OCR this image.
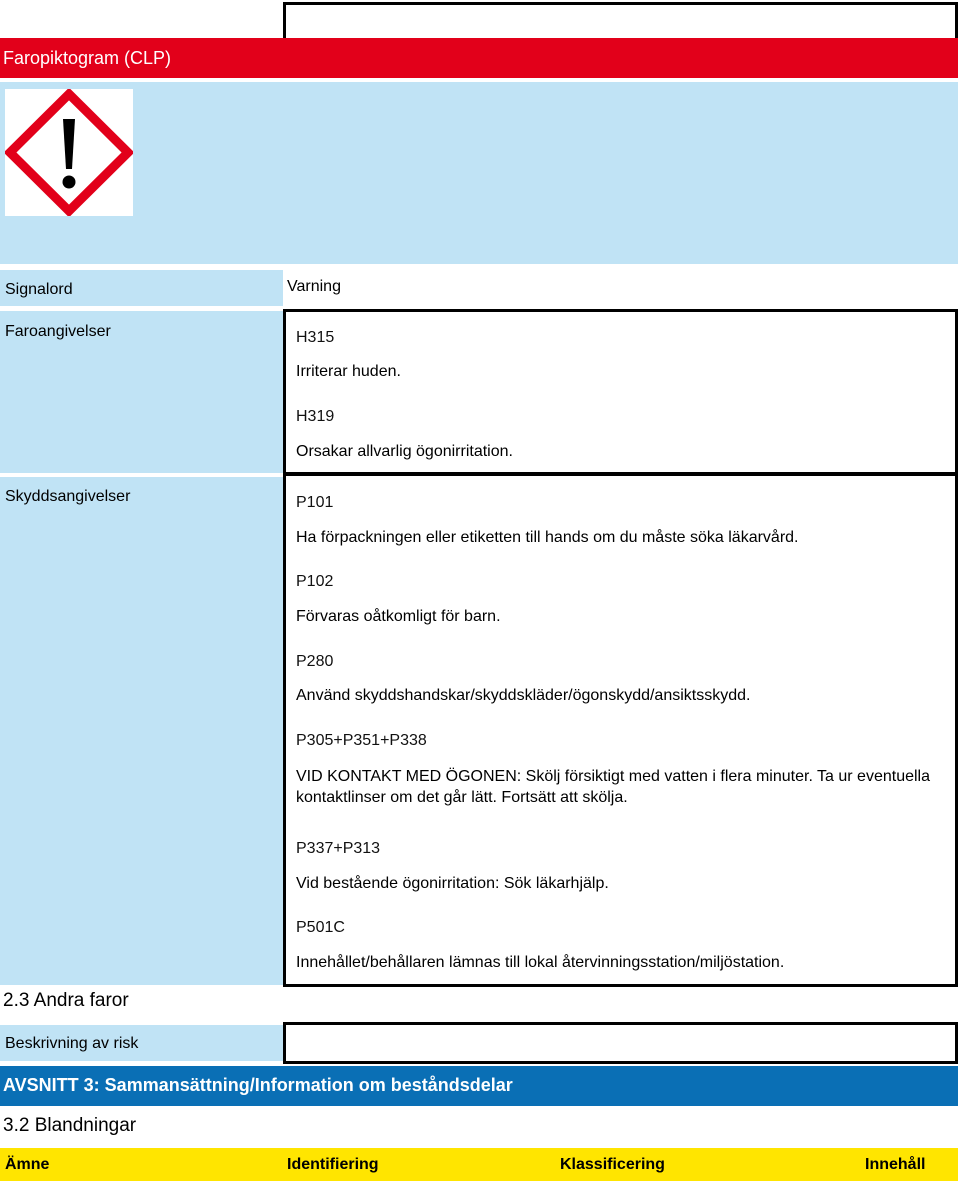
Faropiktogram (CLP)
Signalord	Varning
Faroangivelser	H315
Irriterar huden.
H319
Orsakar allvarlig ögonirritation.
Skyddsangivelser	P101
Ha förpackningen eller etiketten till hands om du måste söka läkarvård.
P102
Förvaras oåtkomligt för barn.
P280
Använd skyddshandskar/skyddskläder/ögonskydd/ansiktsskydd.
P305+P351+P338
VID KONTAKT MED ÖGONEN: Skölj försiktigt med vatten i flera minuter. Ta ur eventuella kontaktlinser om det går lätt. Fortsätt att skölja.
P337+P313
Vid bestående ögonirritation: Sök läkarhjälp.
P501C
Innehållet/behållaren lämnas till lokal återvinningsstation/miljöstation.
2.3 Andra faror
Beskrivning av risk
AVSNITT 3: Sammansättning/Information om beståndsdelar
3.2 Blandningar
Ämne	Identifiering	Klassificering	Innehåll
